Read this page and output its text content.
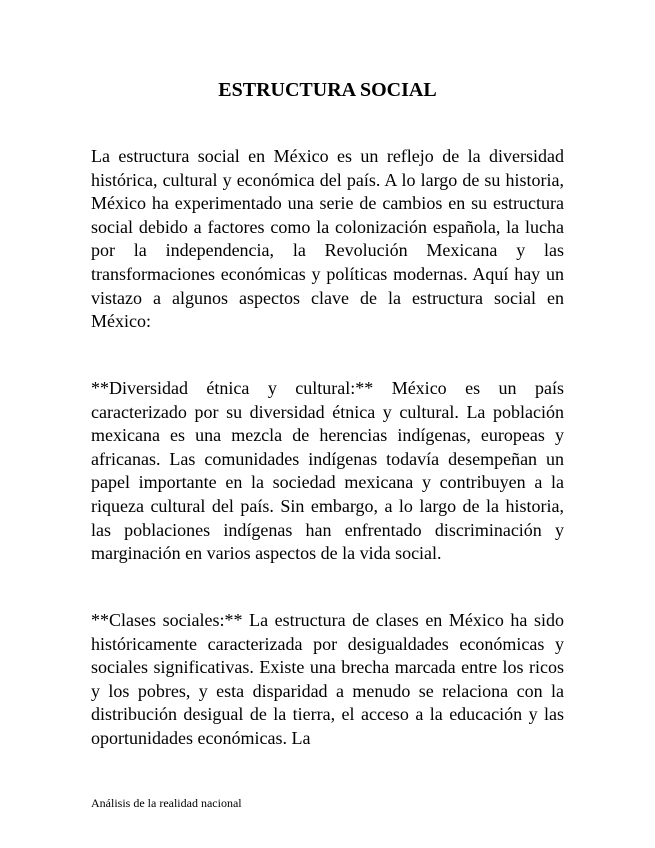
ESTRUCTURA SOCIAL

La estructura social en México es un reflejo de la diversidad histórica, cultural y económica del país. A lo largo de su historia, México ha experimentado una serie de cambios en su estructura social debido a factores como la colonización española, la lucha por la independencia, la Revolución Mexicana y las transformaciones económicas y políticas modernas. Aquí hay un vistazo a algunos aspectos clave de la estructura social en México:

**Diversidad étnica y cultural:** México es un país caracterizado por su diversidad étnica y cultural. La población mexicana es una mezcla de herencias indígenas, europeas y africanas. Las comunidades indígenas todavía desempeñan un papel importante en la sociedad mexicana y contribuyen a la riqueza cultural del país. Sin embargo, a lo largo de la historia, las poblaciones indígenas han enfrentado discriminación y marginación en varios aspectos de la vida social.

**Clases sociales:** La estructura de clases en México ha sido históricamente caracterizada por desigualdades económicas y sociales significativas. Existe una brecha marcada entre los ricos y los pobres, y esta disparidad a menudo se relaciona con la distribución desigual de la tierra, el acceso a la educación y las oportunidades económicas. La

Análisis de la realidad nacional
